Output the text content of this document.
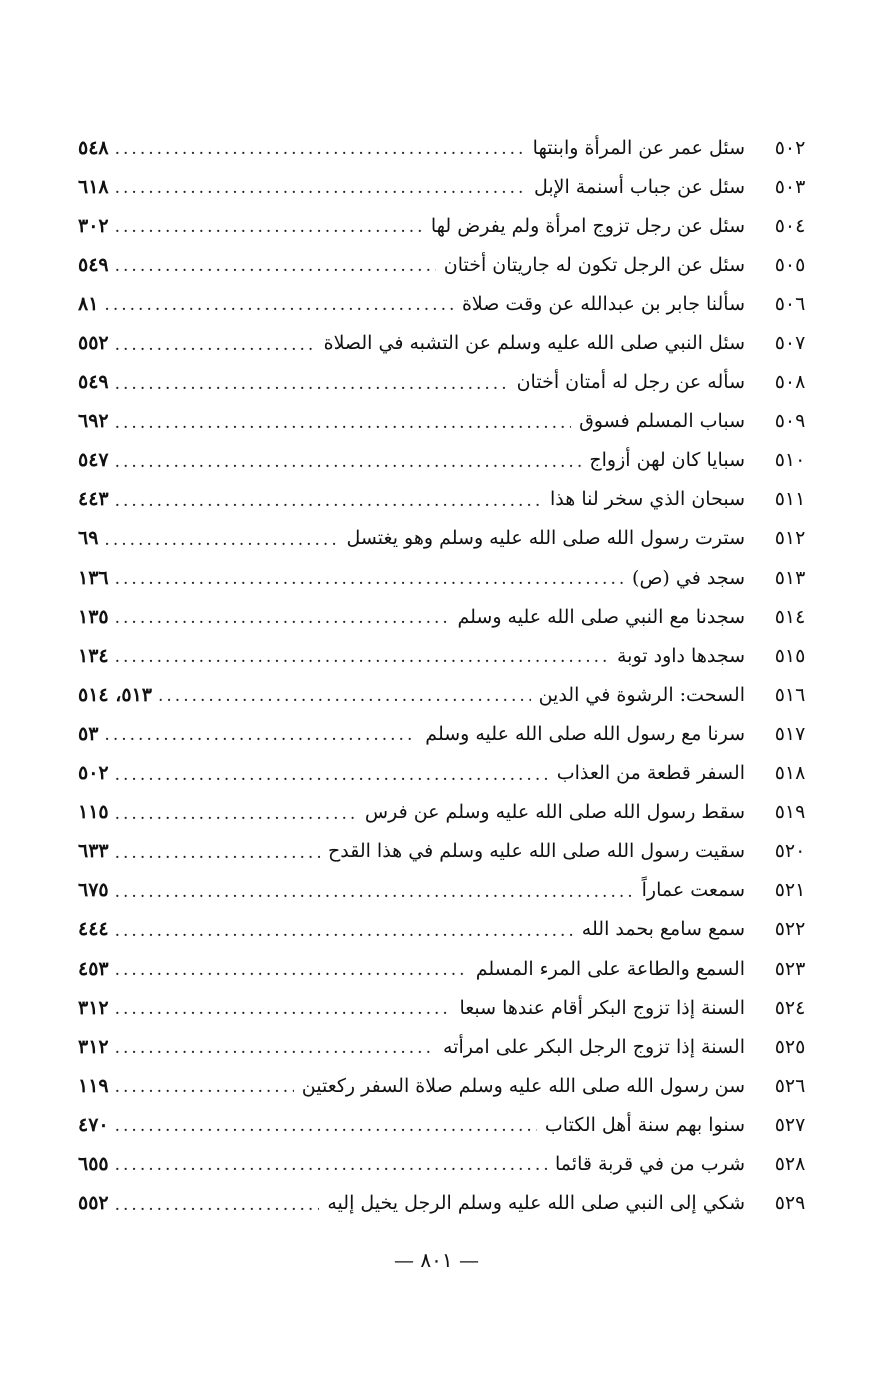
٥٠٢
سئل عمر عن المرأة وابنتها
.....
٥٤٨
٥٠٣
سئل عن جباب أسنمة الإبل
.....
٦١٨
٥٠٤
سئل عن رجل تزوج امرأة ولم يفرض لها
.....
٣٠٢
٥٠٥
سئل عن الرجل تكون له جاريتان أختان
.....
٥٤٩
٥٠٦
سألنا جابر بن عبدالله عن وقت صلاة
.....
٨١
٥٠٧
سئل النبي صلى الله عليه وسلم عن التشبه في الصلاة
.....
٥٥٢
٥٠٨
سأله عن رجل له أمتان أختان
.....
٥٤٩
٥٠٩
سباب المسلم فسوق
.....
٦٩٢
٥١٠
سبايا كان لهن أزواج
.....
٥٤٧
٥١١
سبحان الذي سخر لنا هذا
.....
٤٤٣
٥١٢
سترت رسول الله صلى الله عليه وسلم وهو يغتسل
.....
٦٩
٥١٣
سجد في (ص)
.....
١٣٦
٥١٤
سجدنا مع النبي صلى الله عليه وسلم
.....
١٣٥
٥١٥
سجدها داود توبة
.....
١٣٤
٥١٦
السحت: الرشوة في الدين
.....
٥١٣، ٥١٤
٥١٧
سرنا مع رسول الله صلى الله عليه وسلم
.....
٥٣
٥١٨
السفر قطعة من العذاب
.....
٥٠٢
٥١٩
سقط رسول الله صلى الله عليه وسلم عن فرس
.....
١١٥
٥٢٠
سقيت رسول الله صلى الله عليه وسلم في هذا القدح
.....
٦٣٣
٥٢١
سمعت عماراً
.....
٦٧٥
٥٢٢
سمع سامع بحمد الله
.....
٤٤٤
٥٢٣
السمع والطاعة على المرء المسلم
.....
٤٥٣
٥٢٤
السنة إذا تزوج البكر أقام عندها سبعا
.....
٣١٢
٥٢٥
السنة إذا تزوج الرجل البكر على امرأته
.....
٣١٢
٥٢٦
سن رسول الله صلى الله عليه وسلم صلاة السفر ركعتين
.....
١١٩
٥٢٧
سنوا بهم سنة أهل الكتاب
.....
٤٧٠
٥٢٨
شرب من في قربة قائما
.....
٦٥٥
٥٢٩
شكي إلى النبي صلى الله عليه وسلم الرجل يخيل إليه
.....
٥٥٢
— ٨٠١ —
